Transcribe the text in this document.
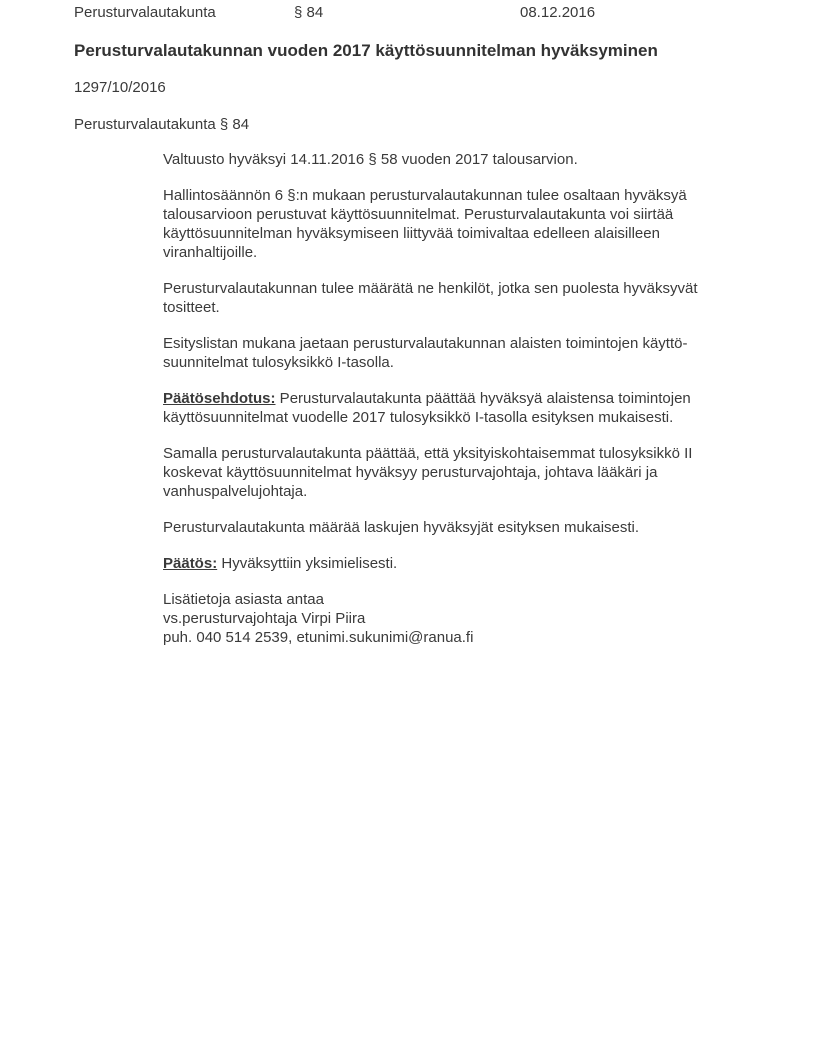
Perusturvalautakunta	§ 84	08.12.2016
Perusturvalautakunnan vuoden 2017 käyttösuunnitelman hyväksyminen
1297/10/2016
Perusturvalautakunta § 84
Valtuusto hyväksyi 14.11.2016 § 58 vuoden 2017 talousarvion.
Hallintosäännön 6 §:n mukaan perusturvalautakunnan tulee osaltaan hyväksyä
talousarvioon perustuvat käyttösuunnitelmat. Perusturvalautakunta voi siirtää
käyttösuunnitelman hyväksymiseen liittyvää toimivaltaa edelleen alaisilleen
viranhaltijoille.
Perusturvalautakunnan tulee määrätä ne henkilöt, jotka sen puolesta hyväksyvät
tositteet.
Esityslistan mukana jaetaan perusturvalautakunnan alaisten toimintojen käyttö-
suunnitelmat tulosyksikkö I-tasolla.
Päätösehdotus: Perusturvalautakunta päättää hyväksyä alaistensa toimintojen
käyttösuunnitelmat vuodelle 2017 tulosyksikkö I-tasolla esityksen mukaisesti.
Samalla perusturvalautakunta päättää, että yksityiskohtaisemmat tulosyksikkö II
koskevat käyttösuunnitelmat hyväksyy perusturvajohtaja, johtava lääkäri ja
vanhuspalvelujohtaja.
Perusturvalautakunta määrää laskujen hyväksyjät esityksen mukaisesti.
Päätös: Hyväksyttiin yksimielisesti.
Lisätietoja asiasta antaa
vs.perusturvajohtaja Virpi Piira
puh. 040 514 2539, etunimi.sukunimi@ranua.fi
